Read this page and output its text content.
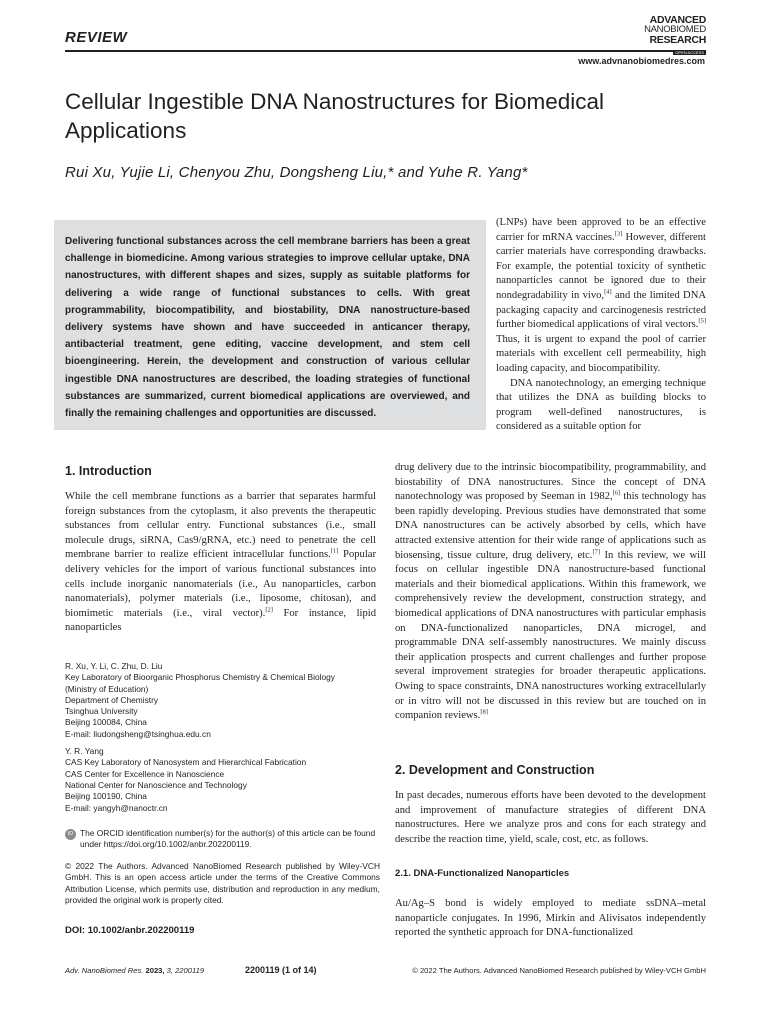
REVIEW
ADVANCED
NANOBIOMED
RESEARCH
OPEN ACCESS
www.advnanobiomedres.com
Cellular Ingestible DNA Nanostructures for Biomedical Applications
Rui Xu, Yujie Li, Chenyou Zhu, Dongsheng Liu,* and Yuhe R. Yang*
Delivering functional substances across the cell membrane barriers has been a great challenge in biomedicine. Among various strategies to improve cellular uptake, DNA nanostructures, with different shapes and sizes, supply as suitable platforms for delivering a wide range of functional substances to cells. With great programmability, biocompatibility, and biostability, DNA nanostructure-based delivery systems have shown and have succeeded in anticancer therapy, antibacterial treatment, gene editing, vaccine development, and stem cell bioengineering. Herein, the development and construction of various cellular ingestible DNA nanostructures are described, the loading strategies of functional substances are summarized, current biomedical applications are overviewed, and finally the remaining challenges and opportunities are discussed.
(LNPs) have been approved to be an effective carrier for mRNA vaccines.[3] However, different carrier materials have corresponding drawbacks. For example, the potential toxicity of synthetic nanoparticles cannot be ignored due to their nondegradability in vivo,[4] and the limited DNA packaging capacity and carcinogenesis restricted further biomedical applications of viral vectors.[5] Thus, it is urgent to expand the pool of carrier materials with excellent cell permeability, high loading capacity, and biocompatibility.
DNA nanotechnology, an emerging technique that utilizes the DNA as building blocks to program well-defined nanostructures, is considered as a suitable option for
drug delivery due to the intrinsic biocompatibility, programmability, and biostability of DNA nanostructures. Since the concept of DNA nanotechnology was proposed by Seeman in 1982,[6] this technology has been rapidly developing. Previous studies have demonstrated that some DNA nanostructures can be actively absorbed by cells, which have attracted extensive attention for their wide range of applications such as biosensing, tissue culture, drug delivery, etc.[7] In this review, we will focus on cellular ingestible DNA nanostructure-based functional materials and their biomedical applications. Within this framework, we comprehensively review the development, construction strategy, and biomedical applications of DNA nanostructures with particular emphasis on DNA-functionalized nanoparticles, DNA microgel, and programmable DNA self-assembly nanostructures. We mainly discuss their application prospects and current challenges and further propose several improvement strategies for broader therapeutic applications. Owing to space constraints, DNA nanostructures working extracellularly or in vitro will not be discussed in this review but are touched on in companion reviews.[8]
1. Introduction
While the cell membrane functions as a barrier that separates harmful foreign substances from the cytoplasm, it also prevents the therapeutic substances from cellular entry. Functional substances (i.e., small molecule drugs, siRNA, Cas9/gRNA, etc.) need to penetrate the cell membrane barrier to realize efficient intracellular functions.[1] Popular delivery vehicles for the import of various functional substances into cells include inorganic nanomaterials (i.e., Au nanoparticles, carbon nanomaterials), polymer materials (i.e., liposome, chitosan), and biomimetic materials (i.e., viral vector).[2] For instance, lipid nanoparticles
R. Xu, Y. Li, C. Zhu, D. Liu
Key Laboratory of Bioorganic Phosphorus Chemistry & Chemical Biology
(Ministry of Education)
Department of Chemistry
Tsinghua University
Beijing 100084, China
E-mail: liudongsheng@tsinghua.edu.cn
Y. R. Yang
CAS Key Laboratory of Nanosystem and Hierarchical Fabrication
CAS Center for Excellence in Nanoscience
National Center for Nanoscience and Technology
Beijing 100190, China
E-mail: yangyh@nanoctr.cn
iD The ORCID identification number(s) for the author(s) of this article can be found under https://doi.org/10.1002/anbr.202200119.
© 2022 The Authors. Advanced NanoBiomed Research published by Wiley-VCH GmbH. This is an open access article under the terms of the Creative Commons Attribution License, which permits use, distribution and reproduction in any medium, provided the original work is properly cited.
DOI: 10.1002/anbr.202200119
2. Development and Construction
In past decades, numerous efforts have been devoted to the development and improvement of manufacture strategies of different DNA nanostructures. Here we analyze pros and cons for each strategy and describe the reaction time, yield, scale, cost, etc. as follows.
2.1. DNA-Functionalized Nanoparticles
Au/Ag–S bond is widely employed to mediate ssDNA–metal nanoparticle conjugates. In 1996, Mirkin and Alivisatos independently reported the synthetic approach for DNA-functionalized
Adv. NanoBiomed Res. 2023, 3, 2200119	2200119 (1 of 14)	© 2022 The Authors. Advanced NanoBiomed Research published by Wiley-VCH GmbH
